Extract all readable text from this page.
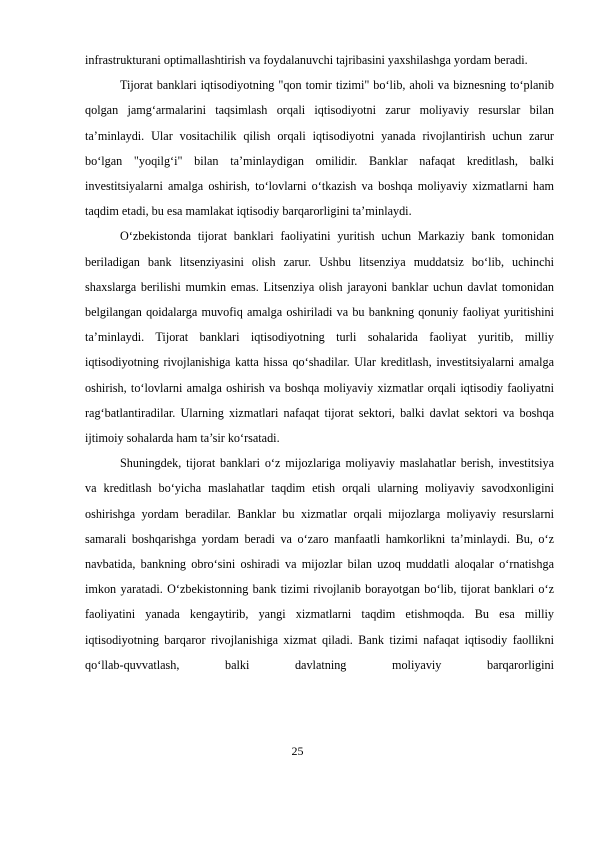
infrastrukturani optimallashtirish va foydalanuvchi tajribasini yaxshilashga yordam beradi.

Tijorat banklari iqtisodiyotning "qon tomir tizimi" bo‘lib, aholi va biznesning to‘planib qolgan jamg‘armalarini taqsimlash orqali iqtisodiyotni zarur moliyaviy resurslar bilan ta’minlaydi. Ular vositachilik qilish orqali iqtisodiyotni yanada rivojlantirish uchun zarur bo‘lgan "yoqilg‘i" bilan ta’minlaydigan omilidir. Banklar nafaqat kreditlash, balki investitsiyalarni amalga oshirish, to‘lovlarni o‘tkazish va boshqa moliyaviy xizmatlarni ham taqdim etadi, bu esa mamlakat iqtisodiy barqarorligini ta’minlaydi.

O‘zbekistonda tijorat banklari faoliyatini yuritish uchun Markaziy bank tomonidan beriladigan bank litsenziyasini olish zarur. Ushbu litsenziya muddatsiz bo‘lib, uchinchi shaxslarga berilishi mumkin emas. Litsenziya olish jarayoni banklar uchun davlat tomonidan belgilangan qoidalarga muvofiq amalga oshiriladi va bu bankning qonuniy faoliyat yuritishini ta’minlaydi. Tijorat banklari iqtisodiyotning turli sohalarida faoliyat yuritib, milliy iqtisodiyotning rivojlanishiga katta hissa qo‘shadilar. Ular kreditlash, investitsiyalarni amalga oshirish, to‘lovlarni amalga oshirish va boshqa moliyaviy xizmatlar orqali iqtisodiy faoliyatni rag‘batlantiradilar. Ularning xizmatlari nafaqat tijorat sektori, balki davlat sektori va boshqa ijtimoiy sohalarda ham ta’sir ko‘rsatadi.

Shuningdek, tijorat banklari o‘z mijozlariga moliyaviy maslahatlar berish, investitsiya va kreditlash bo‘yicha maslahatlar taqdim etish orqali ularning moliyaviy savodxonligini oshirishga yordam beradilar. Banklar bu xizmatlar orqali mijozlarga moliyaviy resurslarni samarali boshqarishga yordam beradi va o‘zaro manfaatli hamkorlikni ta’minlaydi. Bu, o‘z navbatida, bankning obro‘sini oshiradi va mijozlar bilan uzoq muddatli aloqalar o‘rnatishga imkon yaratadi. O‘zbekistonning bank tizimi rivojlanib borayotgan bo‘lib, tijorat banklari o‘z faoliyatini yanada kengaytirib, yangi xizmatlarni taqdim etishmoqda. Bu esa milliy iqtisodiyotning barqaror rivojlanishiga xizmat qiladi. Bank tizimi nafaqat iqtisodiy faollikni qo‘llab-quvvatlash, balki davlatning moliyaviy barqarorligini

25
